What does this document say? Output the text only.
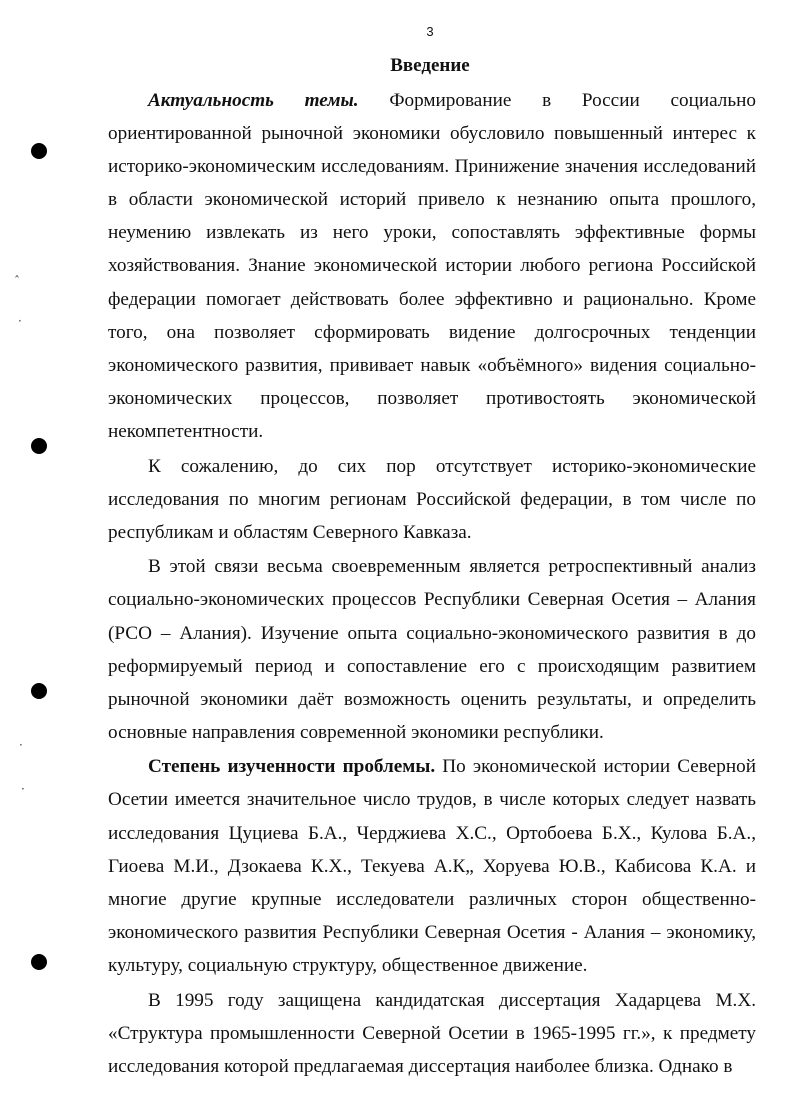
3
Введение

Актуальность темы. Формирование в России социально ориентированной рыночной экономики обусловило повышенный интерес к историко-экономическим исследованиям. Принижение значения исследований в области экономической историй привело к незнанию опыта прошлого, неумению извлекать из него уроки, сопоставлять эффективные формы хозяйствования. Знание экономической истории любого региона Российской федерации помогает действовать более эффективно и рационально. Кроме того, она позволяет сформировать видение долгосрочных тенденции экономического развития, прививает навык «объёмного» видения социально-экономических процессов, позволяет противостоять экономической некомпетентности.

К сожалению, до сих пор отсутствует историко-экономические исследования по многим регионам Российской федерации, в том числе по республикам и областям Северного Кавказа.

В этой связи весьма своевременным является ретроспективный анализ социально-экономических процессов Республики Северная Осетия – Алания (РСО – Алания). Изучение опыта социально-экономического развития в до реформируемый период и сопоставление его с происходящим развитием рыночной экономики даёт возможность оценить результаты, и определить основные направления современной экономики республики.

Степень изученности проблемы. По экономической истории Северной Осетии имеется значительное число трудов, в числе которых следует назвать исследования Цуциева Б.А., Черджиева Х.С., Ортобоева Б.Х., Кулова Б.А., Гиоева М.И., Дзокаева К.Х., Текуева А.К„ Хоруева Ю.В., Кабисова К.А. и многие другие крупные исследователи различных сторон общественно-экономического развития Республики Северная Осетия - Алания – экономику, культуру, социальную структуру, общественное движение.

В 1995 году защищена кандидатская диссертация Хадарцева М.Х. «Структура промышленности Северной Осетии в 1965-1995 гг.», к предмету исследования которой предлагаемая диссертация наиболее близка. Однако в

ˆ
·
·
·
